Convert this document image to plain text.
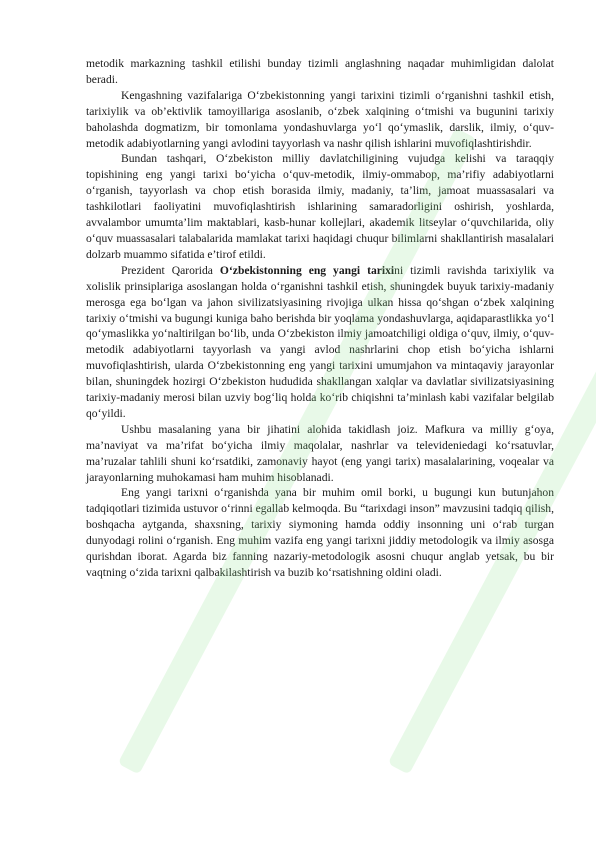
metodik markazning tashkil etilishi bunday tizimli anglashning naqadar muhimligidan dalolat beradi.

Kengashning vazifalariga O‘zbekistonning yangi tarixini tizimli o‘rganishni tashkil etish, tarixiylik va ob’ektivlik tamoyillariga asoslanib, o‘zbek xalqining o‘tmishi va bugunini tarixiy baholashda dogmatizm, bir tomonlama yondashuvlarga yo‘l qo‘ymaslik, darslik, ilmiy, o‘quv-metodik adabiyotlarning yangi avlodini tayyorlash va nashr qilish ishlarini muvofiqlashtirishdir.

Bundan tashqari, O‘zbekiston milliy davlatchiligining vujudga kelishi va taraqqiy topishining eng yangi tarixi bo‘yicha o‘quv-metodik, ilmiy-ommabop, ma’rifiy adabiyotlarni o‘rganish, tayyorlash va chop etish borasida ilmiy, madaniy, ta’lim, jamoat muassasalari va tashkilotlari faoliyatini muvofiqlashtirish ishlarining samaradorligini oshirish, yoshlarda, avvalambor umumta’lim maktablari, kasb-hunar kollejlari, akademik litseylar o‘quvchilarida, oliy o‘quv muassasalari talabalarida mamlakat tarixi haqidagi chuqur bilimlarni shakllantirish masalalari dolzarb muammo sifatida e’tirof etildi.

Prezident Qarorida O‘zbekistonning eng yangi tarixini tizimli ravishda tarixiylik va xolislik prinsiplariga asoslangan holda o‘rganishni tashkil etish, shuningdek buyuk tarixiy-madaniy merosga ega bo‘lgan va jahon sivilizatsiyasining rivojiga ulkan hissa qo‘shgan o‘zbek xalqining tarixiy o‘tmishi va bugungi kuniga baho berishda bir yoqlama yondashuvlarga, aqidaparastlikka yo‘l qo‘ymaslikka yo‘naltirilgan bo‘lib, unda O‘zbekiston ilmiy jamoatchiligi oldiga o‘quv, ilmiy, o‘quv-metodik adabiyotlarni tayyorlash va yangi avlod nashrlarini chop etish bo‘yicha ishlarni muvofiqlashtirish, ularda O‘zbekistonning eng yangi tarixini umumjahon va mintaqaviy jarayonlar bilan, shuningdek hozirgi O‘zbekiston hududida shakllangan xalqlar va davlatlar sivilizatsiyasining tarixiy-madaniy merosi bilan uzviy bog‘liq holda ko‘rib chiqishni ta’minlash kabi vazifalar belgilab qo‘yildi.

Ushbu masalaning yana bir jihatini alohida takidlash joiz. Mafkura va milliy g‘oya, ma’naviyat va ma’rifat bo‘yicha ilmiy maqolalar, nashrlar va televideniedagi ko‘rsatuvlar, ma’ruzalar tahlili shuni ko‘rsatdiki, zamonaviy hayot (eng yangi tarix) masalalarining, voqealar va jarayonlarning muhokamasi ham muhim hisoblanadi.

Eng yangi tarixni o‘rganishda yana bir muhim omil borki, u bugungi kun butunjahon tadqiqotlari tizimida ustuvor o‘rinni egallab kelmoqda. Bu “tarixdagi inson” mavzusini tadqiq qilish, boshqacha aytganda, shaxsning, tarixiy siymoning hamda oddiy insonning uni o‘rab turgan dunyodagi rolini o‘rganish. Eng muhim vazifa eng yangi tarixni jiddiy metodologik va ilmiy asosga qurishdan iborat. Agarda biz fanning nazariy-metodologik asosni chuqur anglab yetsak, bu bir vaqtning o‘zida tarixni qalbakilashtirish va buzib ko‘rsatishning oldini oladi.
